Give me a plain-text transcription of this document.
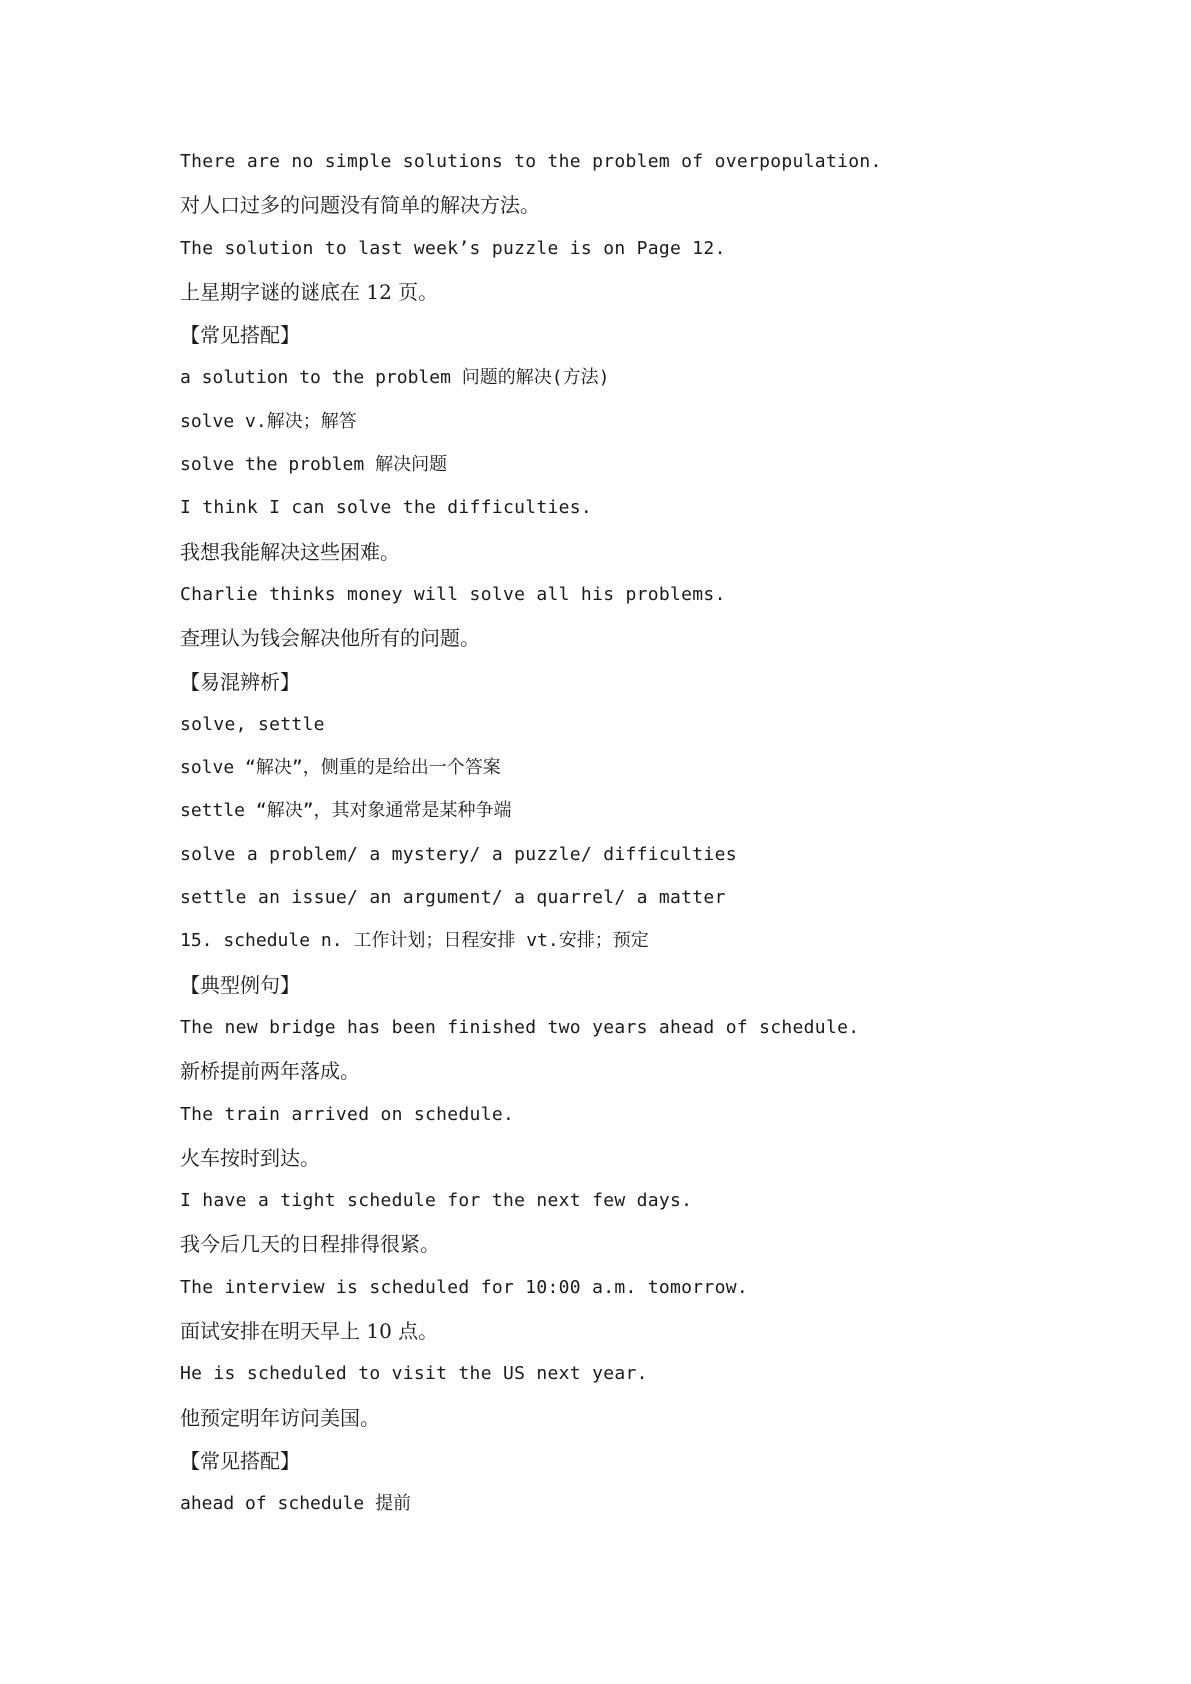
There are no simple solutions to the problem of overpopulation.

对人口过多的问题没有简单的解决方法。

The solution to last week’s puzzle is on Page 12.

上星期字谜的谜底在 12 页。

【常见搭配】

a solution to the problem 问题的解决(方法)

solve v.解决；解答

solve the problem 解决问题

I think I can solve the difficulties.

我想我能解决这些困难。

Charlie thinks money will solve all his problems.

查理认为钱会解决他所有的问题。

【易混辨析】

solve, settle

solve “解决”，侧重的是给出一个答案

settle “解决”，其对象通常是某种争端

solve a problem/ a mystery/ a puzzle/ difficulties

settle an issue/ an argument/ a quarrel/ a matter

15. schedule n. 工作计划；日程安排 vt.安排；预定

【典型例句】

The new bridge has been finished two years ahead of schedule.

新桥提前两年落成。

The train arrived on schedule.

火车按时到达。

I have a tight schedule for the next few days.

我今后几天的日程排得很紧。

The interview is scheduled for 10:00 a.m. tomorrow.

面试安排在明天早上 10 点。

He is scheduled to visit the US next year.

他预定明年访问美国。

【常见搭配】

ahead of schedule 提前
